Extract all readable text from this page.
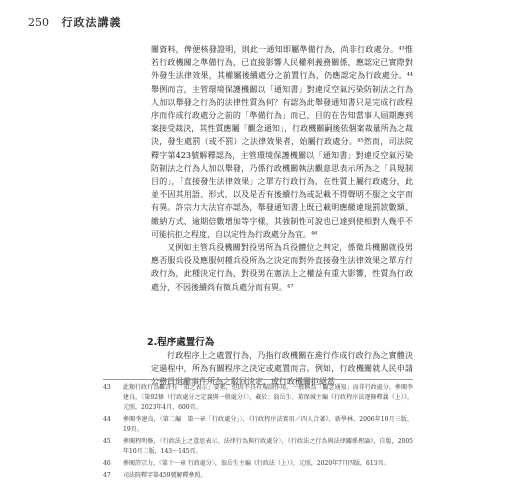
250 行政法講義

關資料，俾便核發證明，則此一通知即屬準備行為，尚非行政處分。⁴³惟若行政機關之準備行為，已直接影響人民權利義務關係，應認定已實際對外發生法律效果，其權屬後續處分之前置行為，仍應認定為行政處分。⁴⁴舉例而言，主管環境保護機關以「通知書」對違反空氣污染防制法之行為人加以舉發之行為的法律性質為何？有認為此舉發通知書只是完成行政程序而作成行政處分之前的「準備行為」而已，目的在告知當事人屆期應到案接受裁決，其性質應屬「觀念通知」，行政機關嗣後依個案裁量所為之裁決，發生處罰（或不罰）之法律效果者，始屬行政處分。⁴⁵然而，司法院釋字第423號解釋認為，主管環境保護機關以「通知書」對違反空氣污染防制法之行為人加以舉發，乃係行政機關執法觀意思表示所為之「具規制目的」，「直接發生法律效果」之單方行政行為，在性質上屬行政處分，此並不因其用語、形式，以及是否有後續行為或記載不得聲明不服之文字而有異。許宗力大法官亦認為，舉發通知書上既已載明應繳違規罰款數額、繳納方式、逾期倍數增加等字樣，其強制性可說也已達到使相對人幾乎不可能抗拒之程度，自以定性為行政處分為宜。⁴⁶

又例如主管兵役機關對役男所為兵役體位之判定，係徵兵機關就役男應否服兵役及應服何種兵役所為之決定而對外直接發生法律效果之單方行政行為，此種決定行為，對役男在憲法上之權益有重大影響，性質為行政處分，不因後續尚有徵兵處分而有異。⁴⁷

2.程序處置行為

行政程序上之處置行為，乃指行政機關在進行作成行政行為之實體決定過程中，所為有關程序之決定或處置而言。例如，行政機關就人民申請公務員退離事件所為之駁回決定，或行政機關拒絕當

43	此類行政行為雖含有「知之表示」要素，但因不具有規制作用，一般稱為「觀念通知」而非行政處分。參閱李建良，〈第92條（行政處分之定義與一般處分）〉，載於：翁岳生、董保城主編《行政程序法逐條釋義（上）》，元照，2023年4月，600頁。
44	參閱李建良，〈第二編　第一章「行政處分」〉，《行政程序法實用／四人合著》，新學林，2006年10月三版，19頁。
45	參閱程明修，〈行政法上之意思表示、法律行為與行政處分〉，《行政法之行為與法律關係理論》，自版，2005年10月二版，143～145頁。
46	參閱許宗力，〈第十一章 行政處分〉，翁岳生主編《行政法（上）》，元照，2020年7月四版，613頁。
47	司法院釋字第459號解釋參照。
